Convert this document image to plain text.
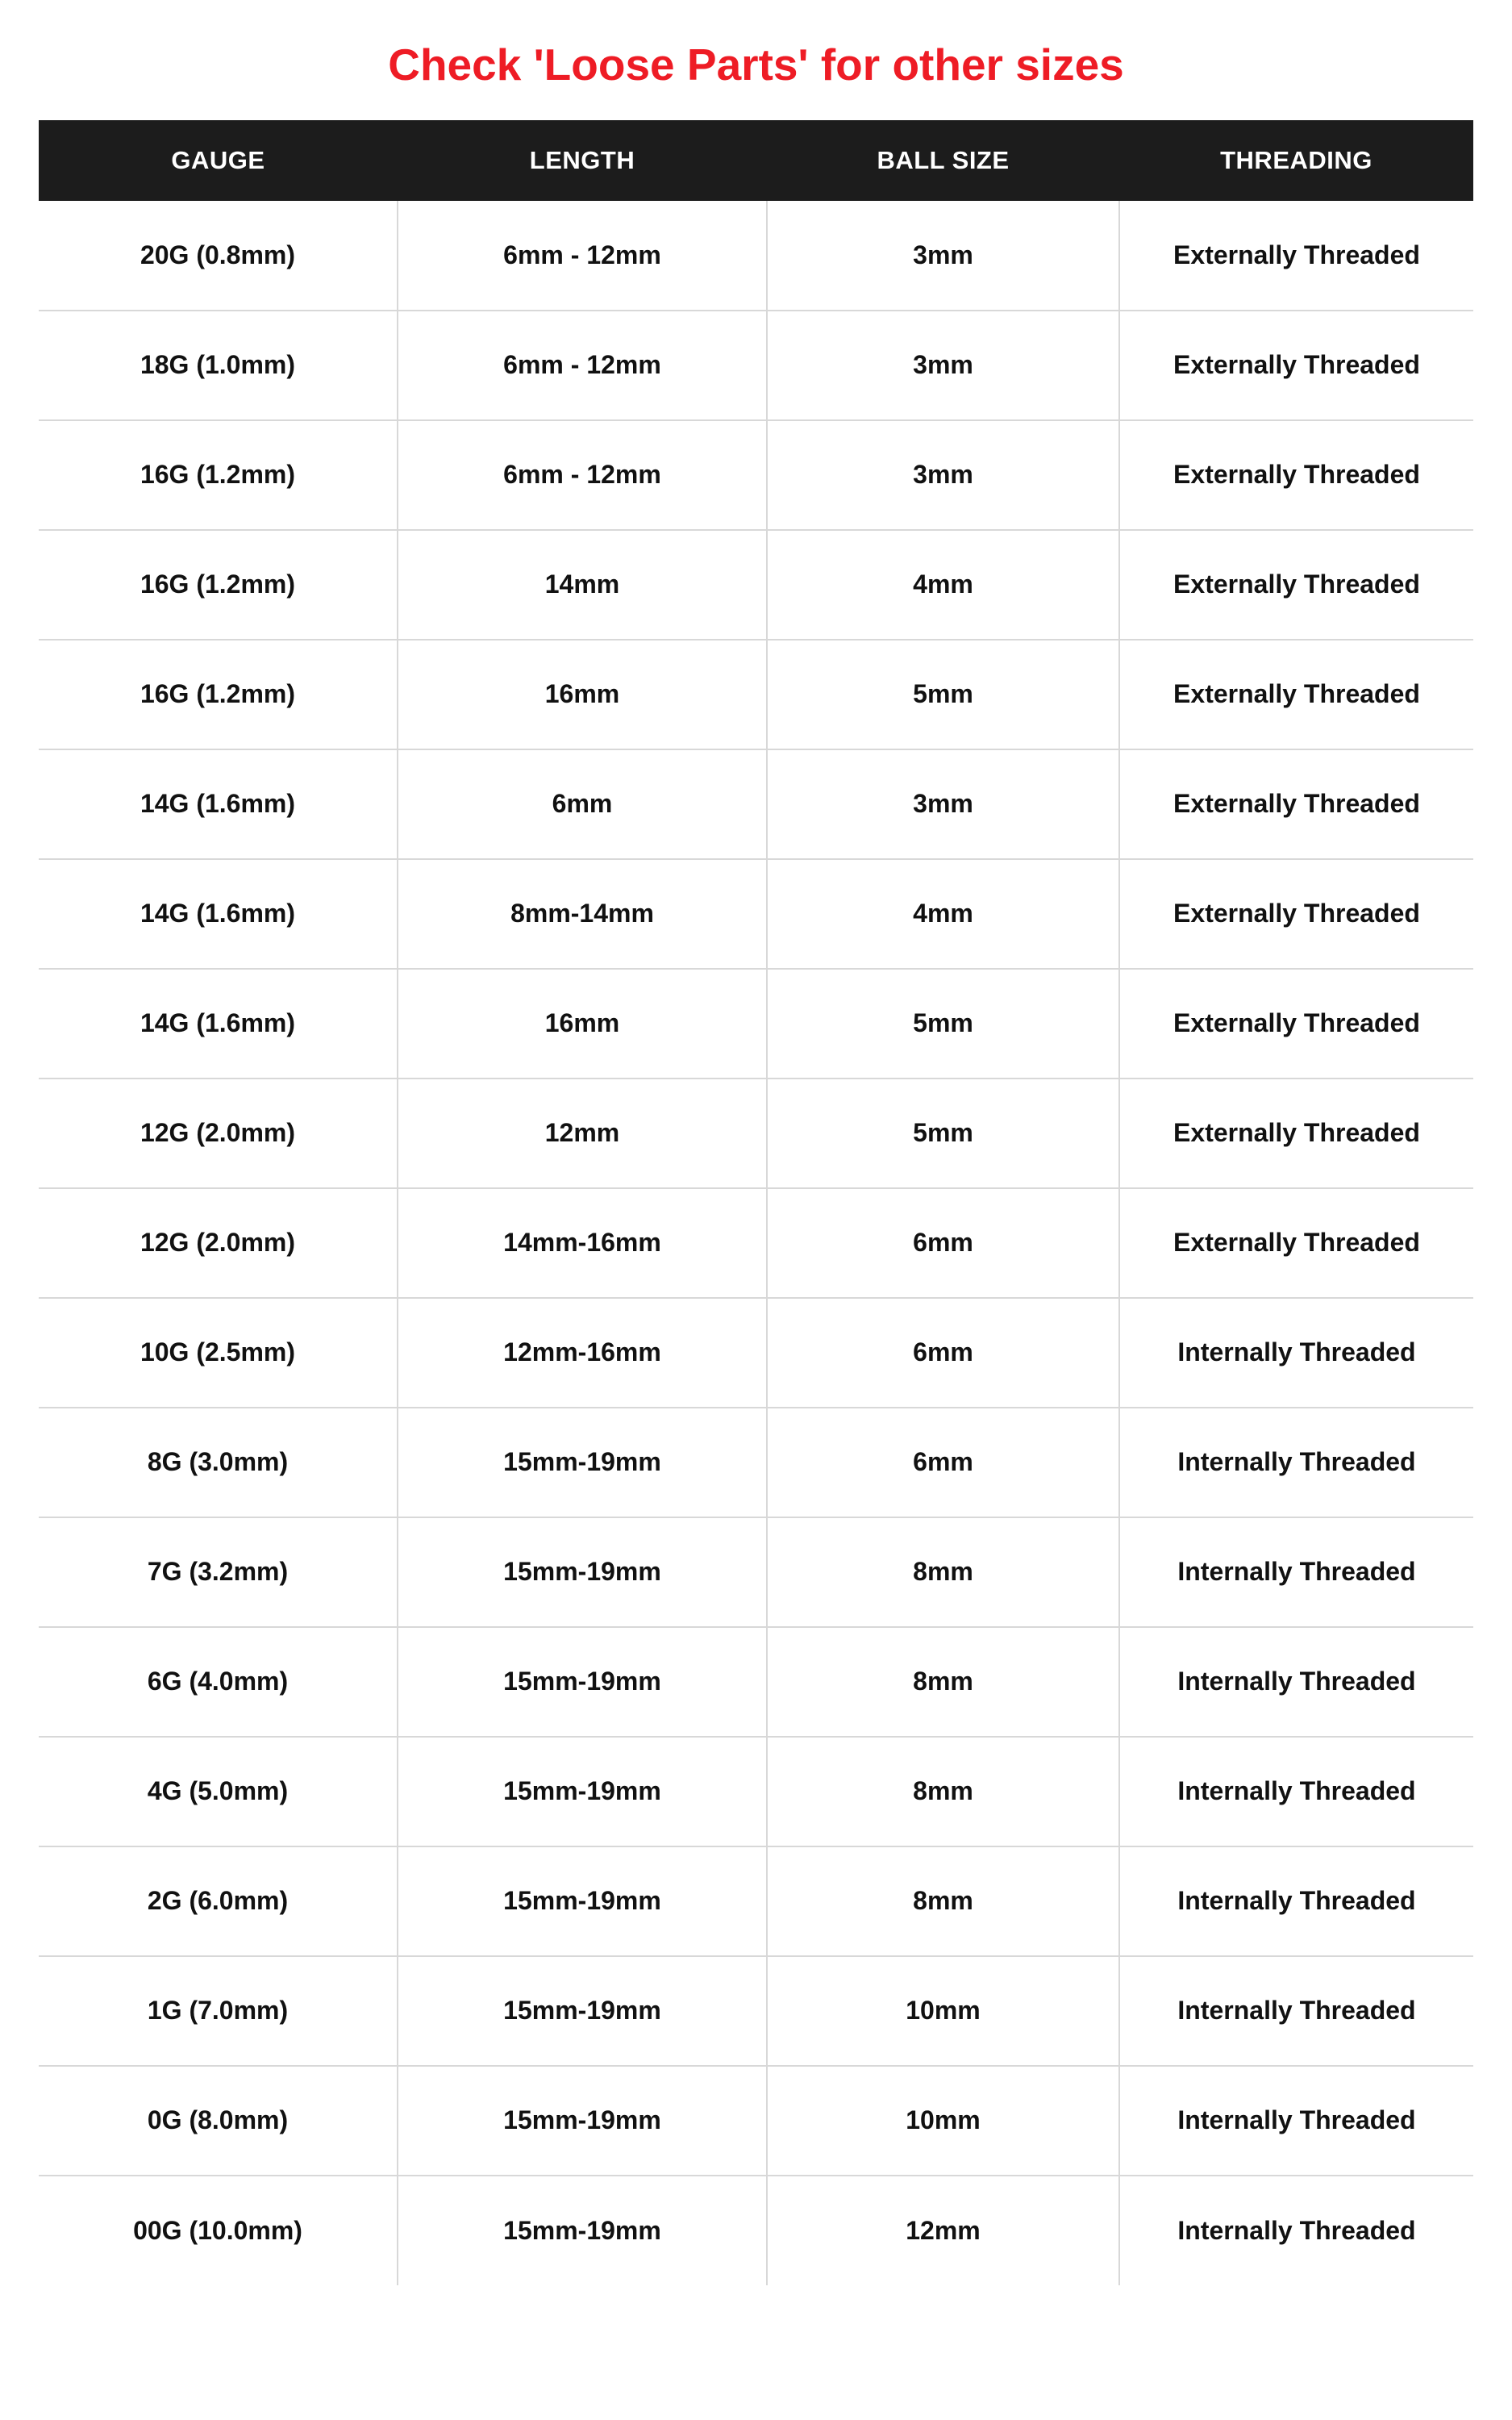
Check 'Loose Parts' for other sizes
GAUGE	LENGTH	BALL SIZE	THREADING
20G (0.8mm)	6mm - 12mm	3mm	Externally Threaded
18G (1.0mm)	6mm - 12mm	3mm	Externally Threaded
16G (1.2mm)	6mm - 12mm	3mm	Externally Threaded
16G (1.2mm)	14mm	4mm	Externally Threaded
16G (1.2mm)	16mm	5mm	Externally Threaded
14G (1.6mm)	6mm	3mm	Externally Threaded
14G (1.6mm)	8mm-14mm	4mm	Externally Threaded
14G (1.6mm)	16mm	5mm	Externally Threaded
12G (2.0mm)	12mm	5mm	Externally Threaded
12G (2.0mm)	14mm-16mm	6mm	Externally Threaded
10G (2.5mm)	12mm-16mm	6mm	Internally Threaded
8G (3.0mm)	15mm-19mm	6mm	Internally Threaded
7G (3.2mm)	15mm-19mm	8mm	Internally Threaded
6G (4.0mm)	15mm-19mm	8mm	Internally Threaded
4G (5.0mm)	15mm-19mm	8mm	Internally Threaded
2G (6.0mm)	15mm-19mm	8mm	Internally Threaded
1G (7.0mm)	15mm-19mm	10mm	Internally Threaded
0G (8.0mm)	15mm-19mm	10mm	Internally Threaded
00G (10.0mm)	15mm-19mm	12mm	Internally Threaded
